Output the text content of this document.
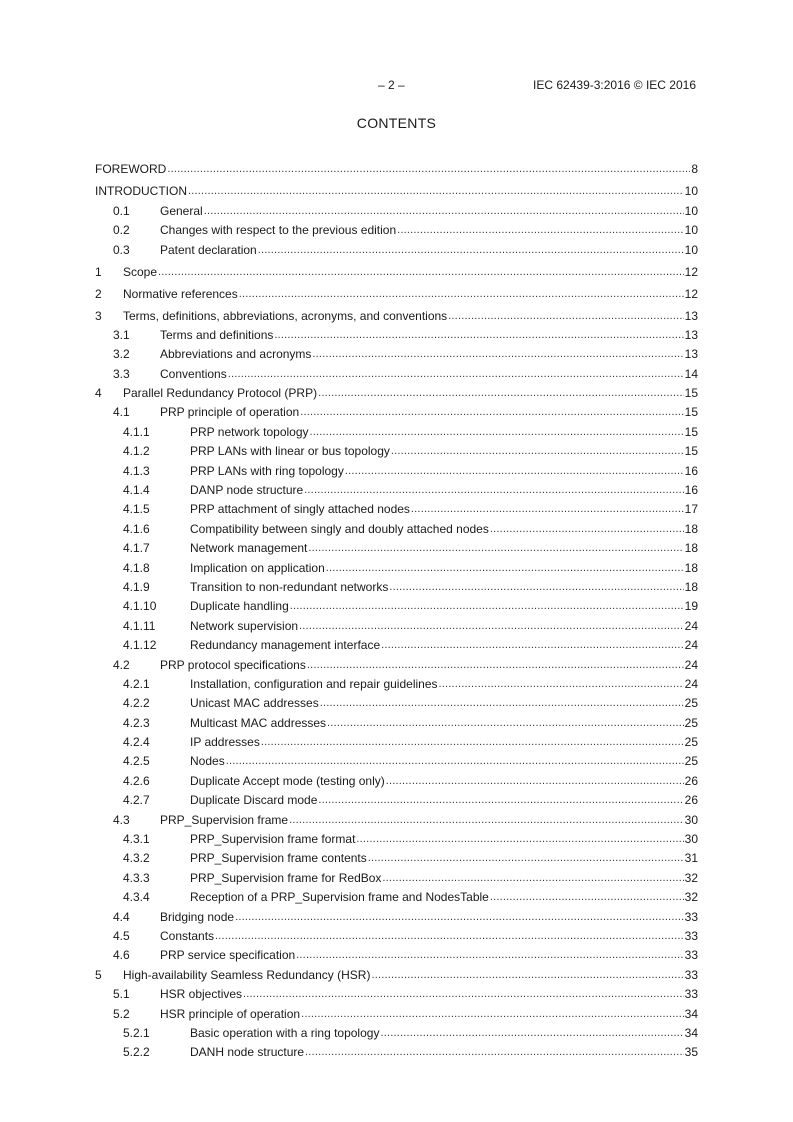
– 2 –	IEC 62439-3:2016 © IEC 2016
CONTENTS
FOREWORD .....	8
INTRODUCTION .....	10
0.1	General .....	10
0.2	Changes with respect to the previous edition .....	10
0.3	Patent declaration .....	10
1	Scope .....	12
2	Normative references .....	12
3	Terms, definitions, abbreviations, acronyms, and conventions .....	13
3.1	Terms and definitions .....	13
3.2	Abbreviations and acronyms .....	13
3.3	Conventions .....	14
4	Parallel Redundancy Protocol (PRP) .....	15
4.1	PRP principle of operation .....	15
4.1.1	PRP network topology .....	15
4.1.2	PRP LANs with linear or bus topology .....	15
4.1.3	PRP LANs with ring topology .....	16
4.1.4	DANP node structure .....	16
4.1.5	PRP attachment of singly attached nodes .....	17
4.1.6	Compatibility between singly and doubly attached nodes .....	18
4.1.7	Network management .....	18
4.1.8	Implication on application .....	18
4.1.9	Transition to non-redundant networks .....	18
4.1.10	Duplicate handling .....	19
4.1.11	Network supervision .....	24
4.1.12	Redundancy management interface .....	24
4.2	PRP protocol specifications .....	24
4.2.1	Installation, configuration and repair guidelines .....	24
4.2.2	Unicast MAC addresses .....	25
4.2.3	Multicast MAC addresses .....	25
4.2.4	IP addresses .....	25
4.2.5	Nodes .....	25
4.2.6	Duplicate Accept mode (testing only) .....	26
4.2.7	Duplicate Discard mode .....	26
4.3	PRP_Supervision frame .....	30
4.3.1	PRP_Supervision frame format .....	30
4.3.2	PRP_Supervision frame contents .....	31
4.3.3	PRP_Supervision frame for RedBox .....	32
4.3.4	Reception of a PRP_Supervision frame and NodesTable .....	32
4.4	Bridging node .....	33
4.5	Constants .....	33
4.6	PRP service specification .....	33
5	High-availability Seamless Redundancy (HSR) .....	33
5.1	HSR objectives .....	33
5.2	HSR principle of operation .....	34
5.2.1	Basic operation with a ring topology .....	34
5.2.2	DANH node structure .....	35
